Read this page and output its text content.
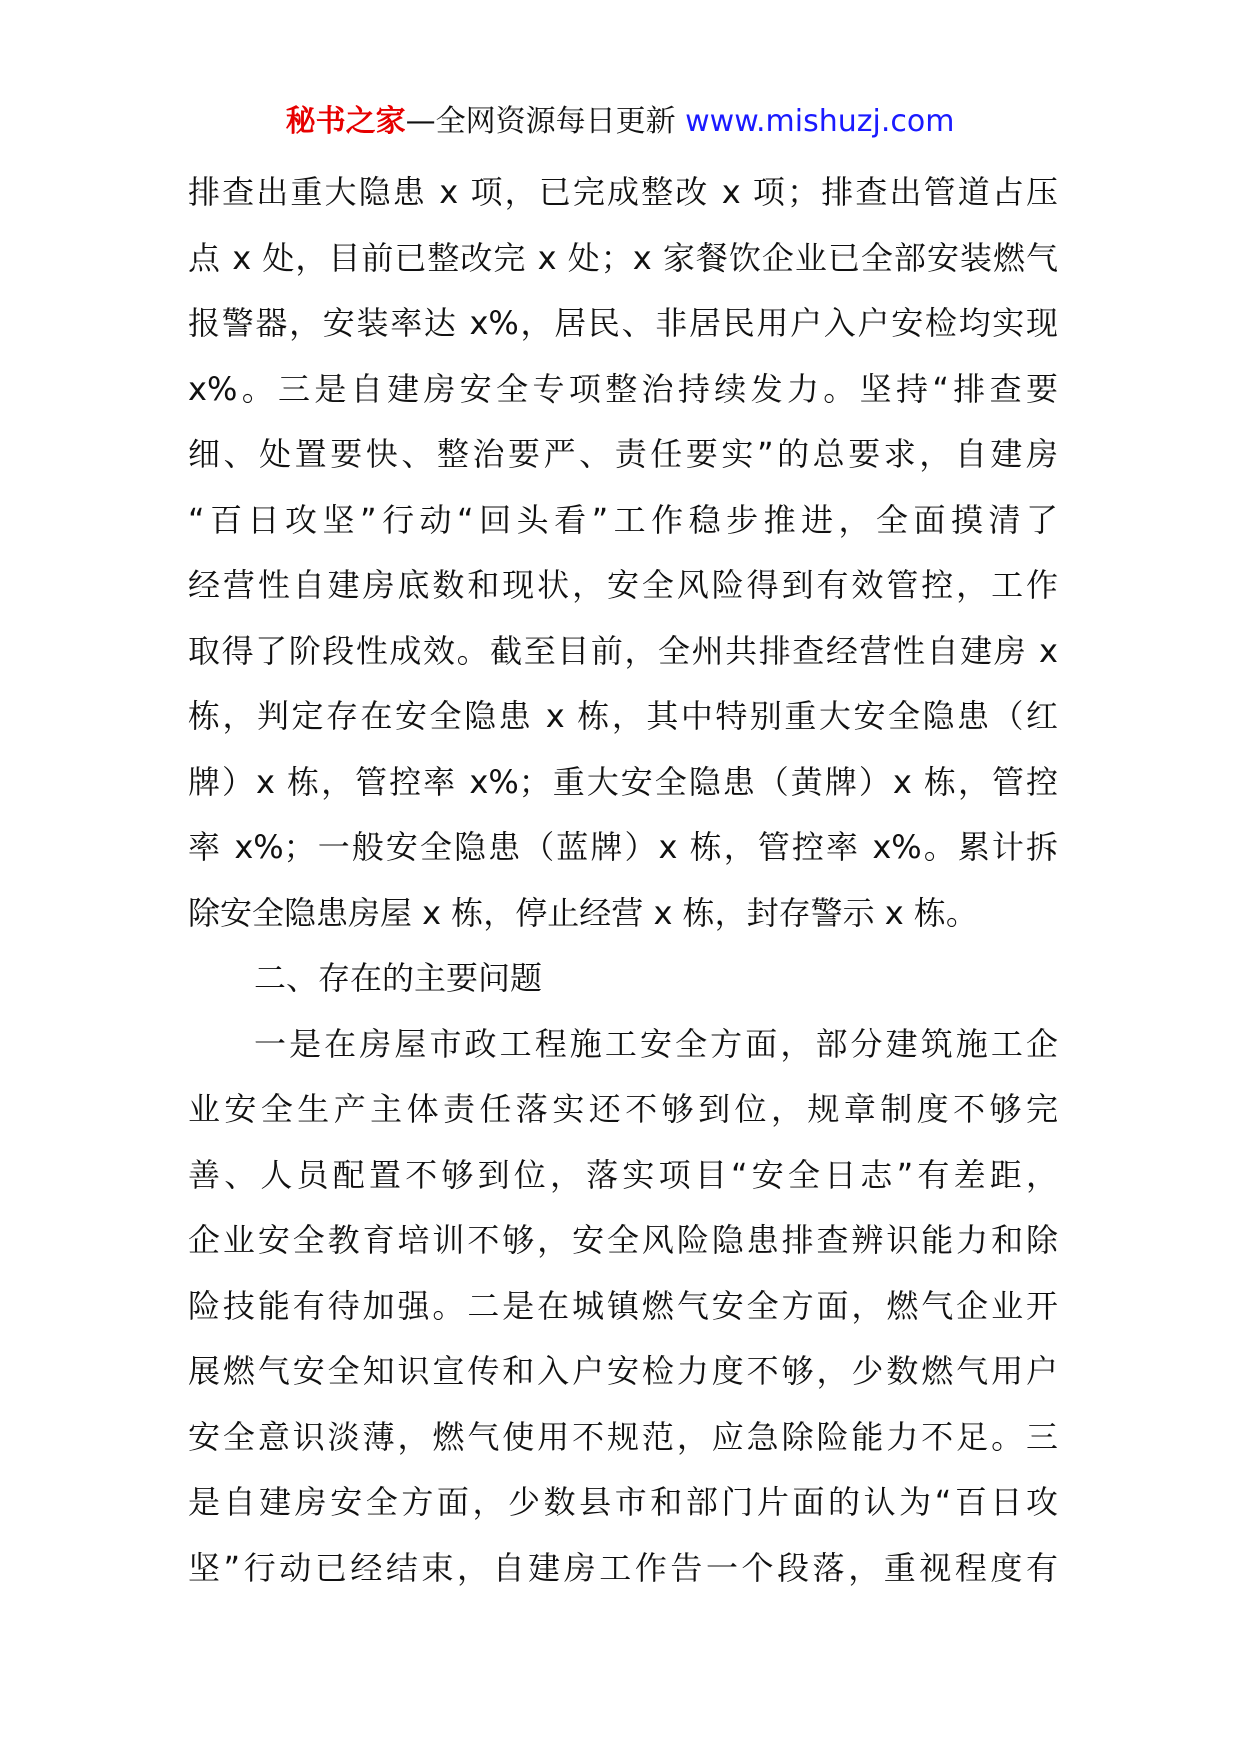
秘书之家—全网资源每日更新 www.mishuzj.com
排查出重大隐患 x 项，已完成整改 x 项；排查出管道占压
点 x 处，目前已整改完 x 处；x 家餐饮企业已全部安装燃气
报警器，安装率达 x%，居民、非居民用户入户安检均实现
x%。三是自建房安全专项整治持续发力。坚持“排查要
细、处置要快、整治要严、责任要实”的总要求，自建房
“百日攻坚”行动“回头看”工作稳步推进，全面摸清了
经营性自建房底数和现状，安全风险得到有效管控，工作
取得了阶段性成效。截至目前，全州共排查经营性自建房 x
栋，判定存在安全隐患 x 栋，其中特别重大安全隐患（红
牌）x 栋，管控率 x%；重大安全隐患（黄牌）x 栋，管控
率 x%；一般安全隐患（蓝牌）x 栋，管控率 x%。累计拆
除安全隐患房屋 x 栋，停止经营 x 栋，封存警示 x 栋。
二、存在的主要问题
一是在房屋市政工程施工安全方面，部分建筑施工企
业安全生产主体责任落实还不够到位，规章制度不够完
善、人员配置不够到位，落实项目“安全日志”有差距，
企业安全教育培训不够，安全风险隐患排查辨识能力和除
险技能有待加强。二是在城镇燃气安全方面，燃气企业开
展燃气安全知识宣传和入户安检力度不够，少数燃气用户
安全意识淡薄，燃气使用不规范，应急除险能力不足。三
是自建房安全方面，少数县市和部门片面的认为“百日攻
坚”行动已经结束，自建房工作告一个段落，重视程度有
